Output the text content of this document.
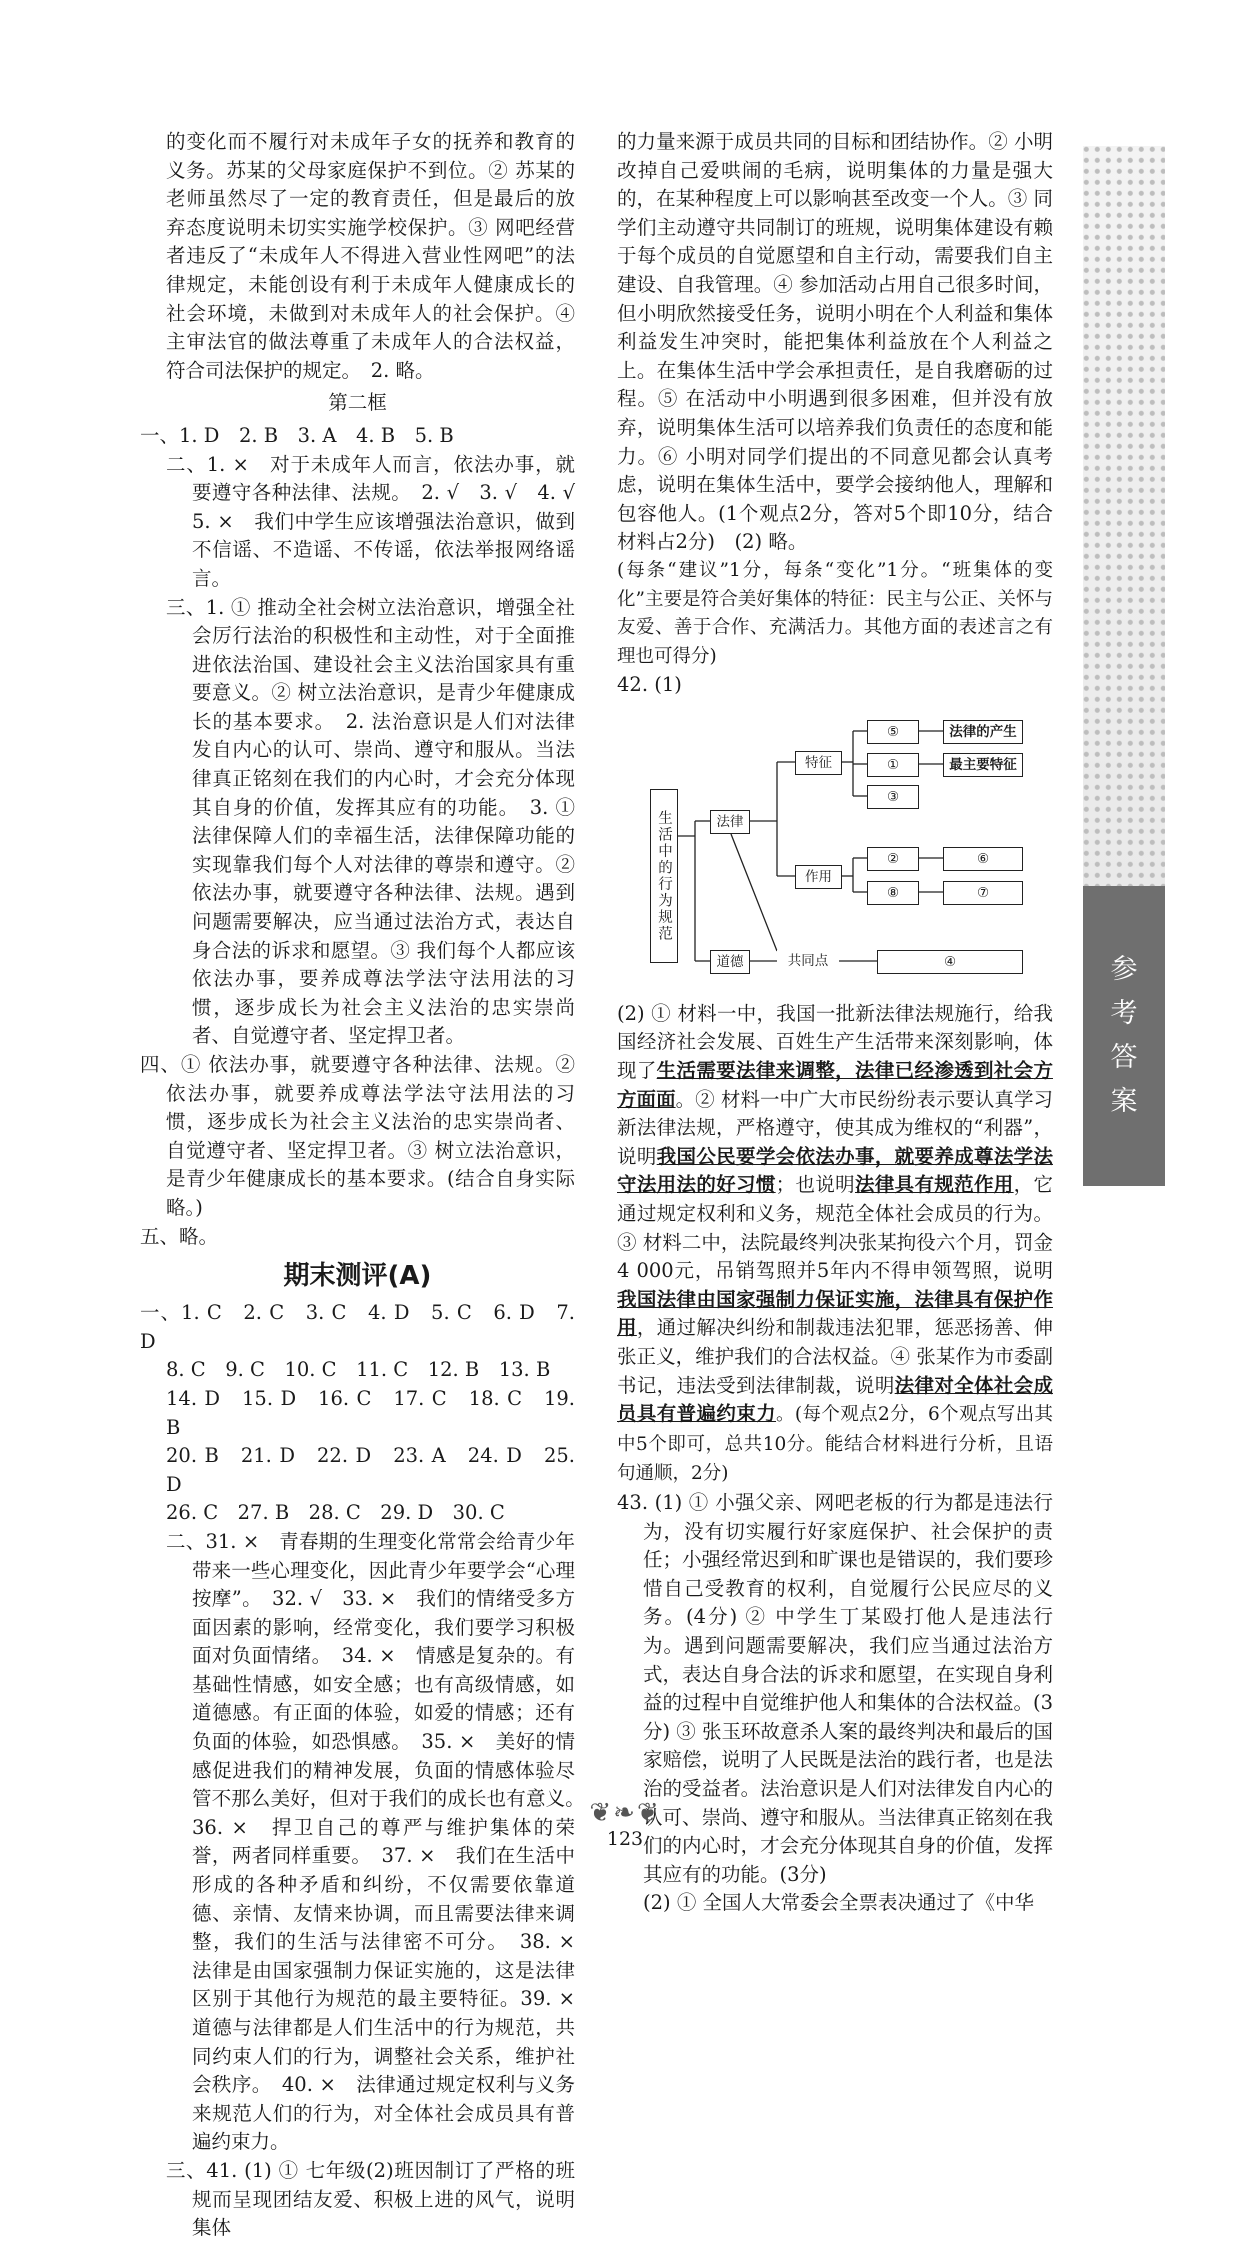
的变化而不履行对未成年子女的抚养和教育的义务。苏某的父母家庭保护不到位。② 苏某的老师虽然尽了一定的教育责任，但是最后的放弃态度说明未切实实施学校保护。③ 网吧经营者违反了“未成年人不得进入营业性网吧”的法律规定，未能创设有利于未成年人健康成长的社会环境，未做到对未成年人的社会保护。④ 主审法官的做法尊重了未成年人的合法权益，符合司法保护的规定。　2. 略。

第二框

一、1. D　2. B　3. A　4. B　5. B

二、1. ×　对于未成年人而言，依法办事，就要遵守各种法律、法规。　2. √　3. √　4. √　5. ×　我们中学生应该增强法治意识，做到不信谣、不造谣、不传谣，依法举报网络谣言。

三、1. ① 推动全社会树立法治意识，增强全社会厉行法治的积极性和主动性，对于全面推进依法治国、建设社会主义法治国家具有重要意义。② 树立法治意识，是青少年健康成长的基本要求。　2. 法治意识是人们对法律发自内心的认可、崇尚、遵守和服从。当法律真正铭刻在我们的内心时，才会充分体现其自身的价值，发挥其应有的功能。　3. ① 法律保障人们的幸福生活，法律保障功能的实现靠我们每个人对法律的尊崇和遵守。② 依法办事，就要遵守各种法律、法规。遇到问题需要解决，应当通过法治方式，表达自身合法的诉求和愿望。③ 我们每个人都应该依法办事，要养成尊法学法守法用法的习惯，逐步成长为社会主义法治的忠实崇尚者、自觉遵守者、坚定捍卫者。

四、① 依法办事，就要遵守各种法律、法规。② 依法办事，就要养成尊法学法守法用法的习惯，逐步成长为社会主义法治的忠实崇尚者、自觉遵守者、坚定捍卫者。③ 树立法治意识，是青少年健康成长的基本要求。(结合自身实际略。)

五、略。

期末测评(A)

一、1. C　2. C　3. C　4. D　5. C　6. D　7. D

8. C　9. C　10. C　11. C　12. B　13. B

14. D　15. D　16. C　17. C　18. C　19. B

20. B　21. D　22. D　23. A　24. D　25. D

26. C　27. B　28. C　29. D　30. C

二、31. ×　青春期的生理变化常常会给青少年带来一些心理变化，因此青少年要学会“心理按摩”。　32. √　33. ×　我们的情绪受多方面因素的影响，经常变化，我们要学习积极面对负面情绪。　34. ×　情感是复杂的。有基础性情感，如安全感；也有高级情感，如道德感。有正面的体验，如爱的情感；还有负面的体验，如恐惧感。　35. ×　美好的情感促进我们的精神发展，负面的情感体验尽管不那么美好，但对于我们的成长也有意义。　36. ×　捍卫自己的尊严与维护集体的荣誉，两者同样重要。　37. ×　我们在生活中形成的各种矛盾和纠纷，不仅需要依靠道德、亲情、友情来协调，而且需要法律来调整，我们的生活与法律密不可分。　38. ×　法律是由国家强制力保证实施的，这是法律区别于其他行为规范的最主要特征。39. ×　道德与法律都是人们生活中的行为规范，共同约束人们的行为，调整社会关系，维护社会秩序。　40. ×　法律通过规定权利与义务来规范人们的行为，对全体社会成员具有普遍约束力。

三、41. (1) ① 七年级(2)班因制订了严格的班规而呈现团结友爱、积极上进的风气，说明集体

的力量来源于成员共同的目标和团结协作。② 小明改掉自己爱哄闹的毛病，说明集体的力量是强大的，在某种程度上可以影响甚至改变一个人。③ 同学们主动遵守共同制订的班规，说明集体建设有赖于每个成员的自觉愿望和自主行动，需要我们自主建设、自我管理。④ 参加活动占用自己很多时间，但小明欣然接受任务，说明小明在个人利益和集体利益发生冲突时，能把集体利益放在个人利益之上。在集体生活中学会承担责任，是自我磨砺的过程。⑤ 在活动中小明遇到很多困难，但并没有放弃，说明集体生活可以培养我们负责任的态度和能力。⑥ 小明对同学们提出的不同意见都会认真考虑，说明在集体生活中，要学会接纳他人，理解和包容他人。(1个观点2分，答对5个即10分，结合材料占2分)　(2) 略。

(每条“建议”1分，每条“变化”1分。“班集体的变化”主要是符合美好集体的特征：民主与公正、关怀与友爱、善于合作、充满活力。其他方面的表述言之有理也可得分)

42. (1)

生活中的行为规范	法律
特征
作用
⑤
①
③
法律的产生
最主要特征
②
⑧
⑥
⑦
道德	共同点	④

(2) ① 材料一中，我国一批新法律法规施行，给我国经济社会发展、百姓生产生活带来深刻影响，体现了生活需要法律来调整，法律已经渗透到社会方方面面。② 材料一中广大市民纷纷表示要认真学习新法律法规，严格遵守，使其成为维权的“利器”，说明我国公民要学会依法办事，就要养成尊法学法守法用法的好习惯；也说明法律具有规范作用，它通过规定权利和义务，规范全体社会成员的行为。③ 材料二中，法院最终判决张某拘役六个月，罚金4 000元，吊销驾照并5年内不得申领驾照，说明我国法律由国家强制力保证实施，法律具有保护作用，通过解决纠纷和制裁违法犯罪，惩恶扬善、伸张正义，维护我们的合法权益。④ 张某作为市委副书记，违法受到法律制裁，说明法律对全体社会成员具有普遍约束力。(每个观点2分，6个观点写出其中5个即可，总共10分。能结合材料进行分析，且语句通顺，2分)

43. (1) ① 小强父亲、网吧老板的行为都是违法行为，没有切实履行好家庭保护、社会保护的责任；小强经常迟到和旷课也是错误的，我们要珍惜自己受教育的权利，自觉履行公民应尽的义务。(4分) ② 中学生丁某殴打他人是违法行为。遇到问题需要解决，我们应当通过法治方式，表达自身合法的诉求和愿望，在实现自身利益的过程中自觉维护他人和集体的合法权益。(3分) ③ 张玉环故意杀人案的最终判决和最后的国家赔偿，说明了人民既是法治的践行者，也是法治的受益者。法治意识是人们对法律发自内心的认可、崇尚、遵守和服从。当法律真正铭刻在我们的内心时，才会充分体现其自身的价值，发挥其应有的功能。(3分)

(2) ① 全国人大常委会全票表决通过了《中华

参
考
答
案
❦❧❦
123
